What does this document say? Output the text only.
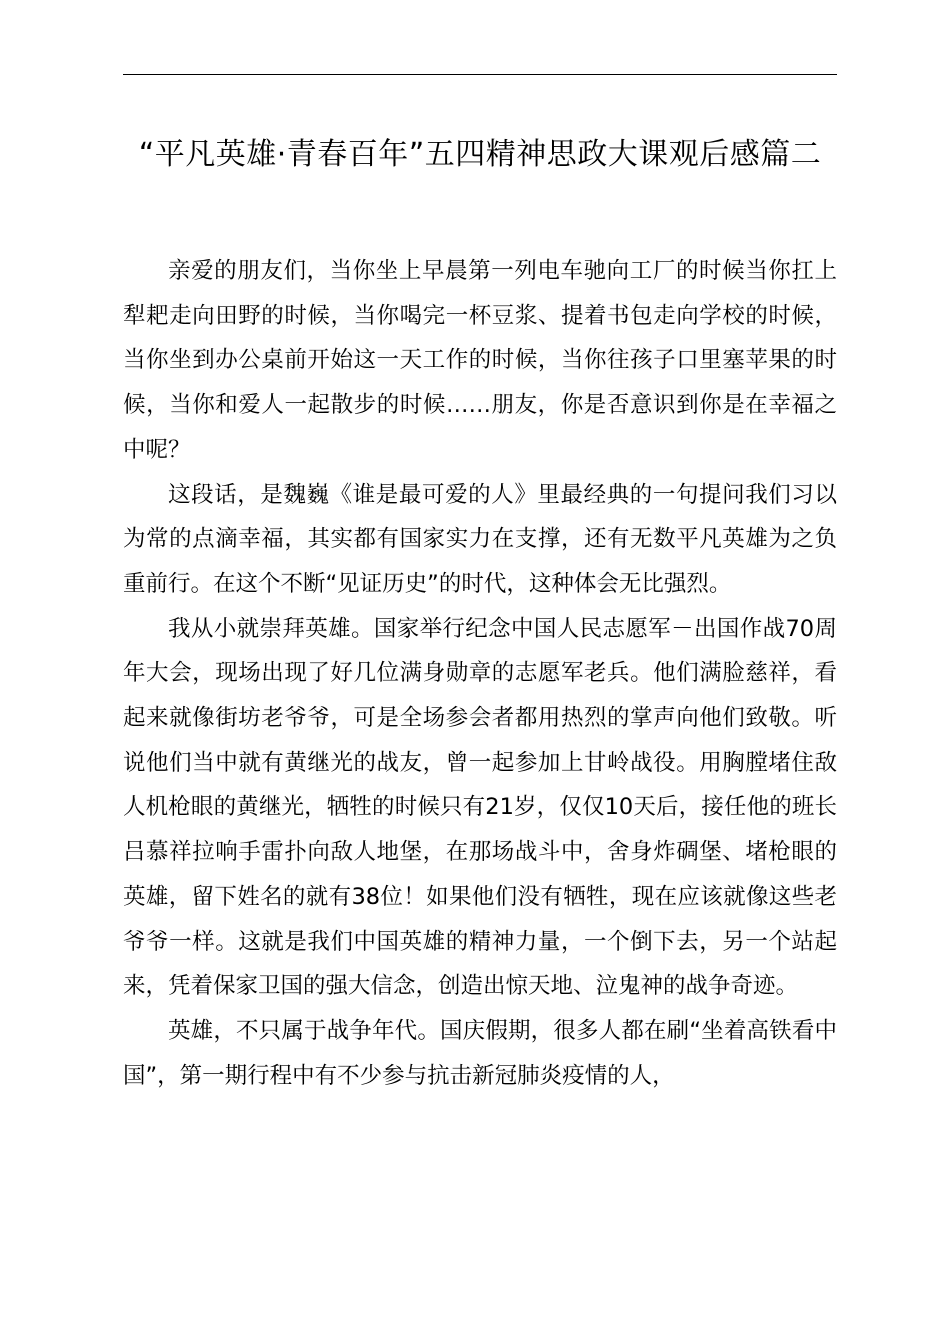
“平凡英雄·青春百年”五四精神思政大课观后感篇二

亲爱的朋友们，当你坐上早晨第一列电车驰向工厂的时候当你扛上犁耙走向田野的时候，当你喝完一杯豆浆、提着书包走向学校的时候，当你坐到办公桌前开始这一天工作的时候，当你往孩子口里塞苹果的时候，当你和爱人一起散步的时候……朋友，你是否意识到你是在幸福之中呢？

这段话，是魏巍《谁是最可爱的人》里最经典的一句提问我们习以为常的点滴幸福，其实都有国家实力在支撑，还有无数平凡英雄为之负重前行。在这个不断“见证历史”的时代，这种体会无比强烈。

我从小就崇拜英雄。国家举行纪念中国人民志愿军－出国作战70周年大会，现场出现了好几位满身勋章的志愿军老兵。他们满脸慈祥，看起来就像街坊老爷爷，可是全场参会者都用热烈的掌声向他们致敬。听说他们当中就有黄继光的战友，曾一起参加上甘岭战役。用胸膛堵住敌人机枪眼的黄继光，牺牲的时候只有21岁，仅仅10天后，接任他的班长吕慕祥拉响手雷扑向敌人地堡，在那场战斗中，舍身炸碉堡、堵枪眼的英雄，留下姓名的就有38位！如果他们没有牺牲，现在应该就像这些老爷爷一样。这就是我们中国英雄的精神力量，一个倒下去，另一个站起来，凭着保家卫国的强大信念，创造出惊天地、泣鬼神的战争奇迹。

英雄，不只属于战争年代。国庆假期，很多人都在刷“坐着高铁看中国”，第一期行程中有不少参与抗击新冠肺炎疫情的人，
